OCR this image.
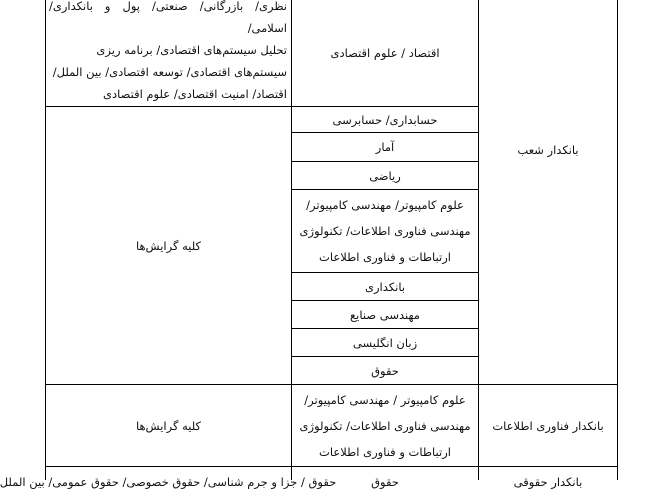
نظری/ بازرگانی/ صنعتی/ پول و بانکداری/ اسلامی/
تحلیل سیستم‌های اقتصادی/ برنامه ریزی
سیستم‌های اقتصادی/ توسعه اقتصادی/ بین الملل/
اقتصاد/ امنیت اقتصادی/ علوم اقتصادی
اقتصاد / علوم اقتصادی
بانکدار شعب
کلیه گرایش‌ها
حسابداری/ حسابرسی
آمار
ریاضی
علوم کامپیوتر/ مهندسی کامپیوتر/
مهندسی فناوری اطلاعات/ تکنولوژی
ارتباطات و فناوری اطلاعات
بانکداری
مهندسی صنایع
زبان انگلیسی
حقوق
بانکدار فناوری اطلاعات
علوم کامپیوتر / مهندسی کامپیوتر/
مهندسی فناوری اطلاعات/ تکنولوژی
ارتباطات و فناوری اطلاعات
کلیه گرایش‌ها
بانکدار حقوقی
حقوق
حقوق / جزا و جرم شناسی/ حقوق خصوصی/ حقوق عمومی/ بین الملل
